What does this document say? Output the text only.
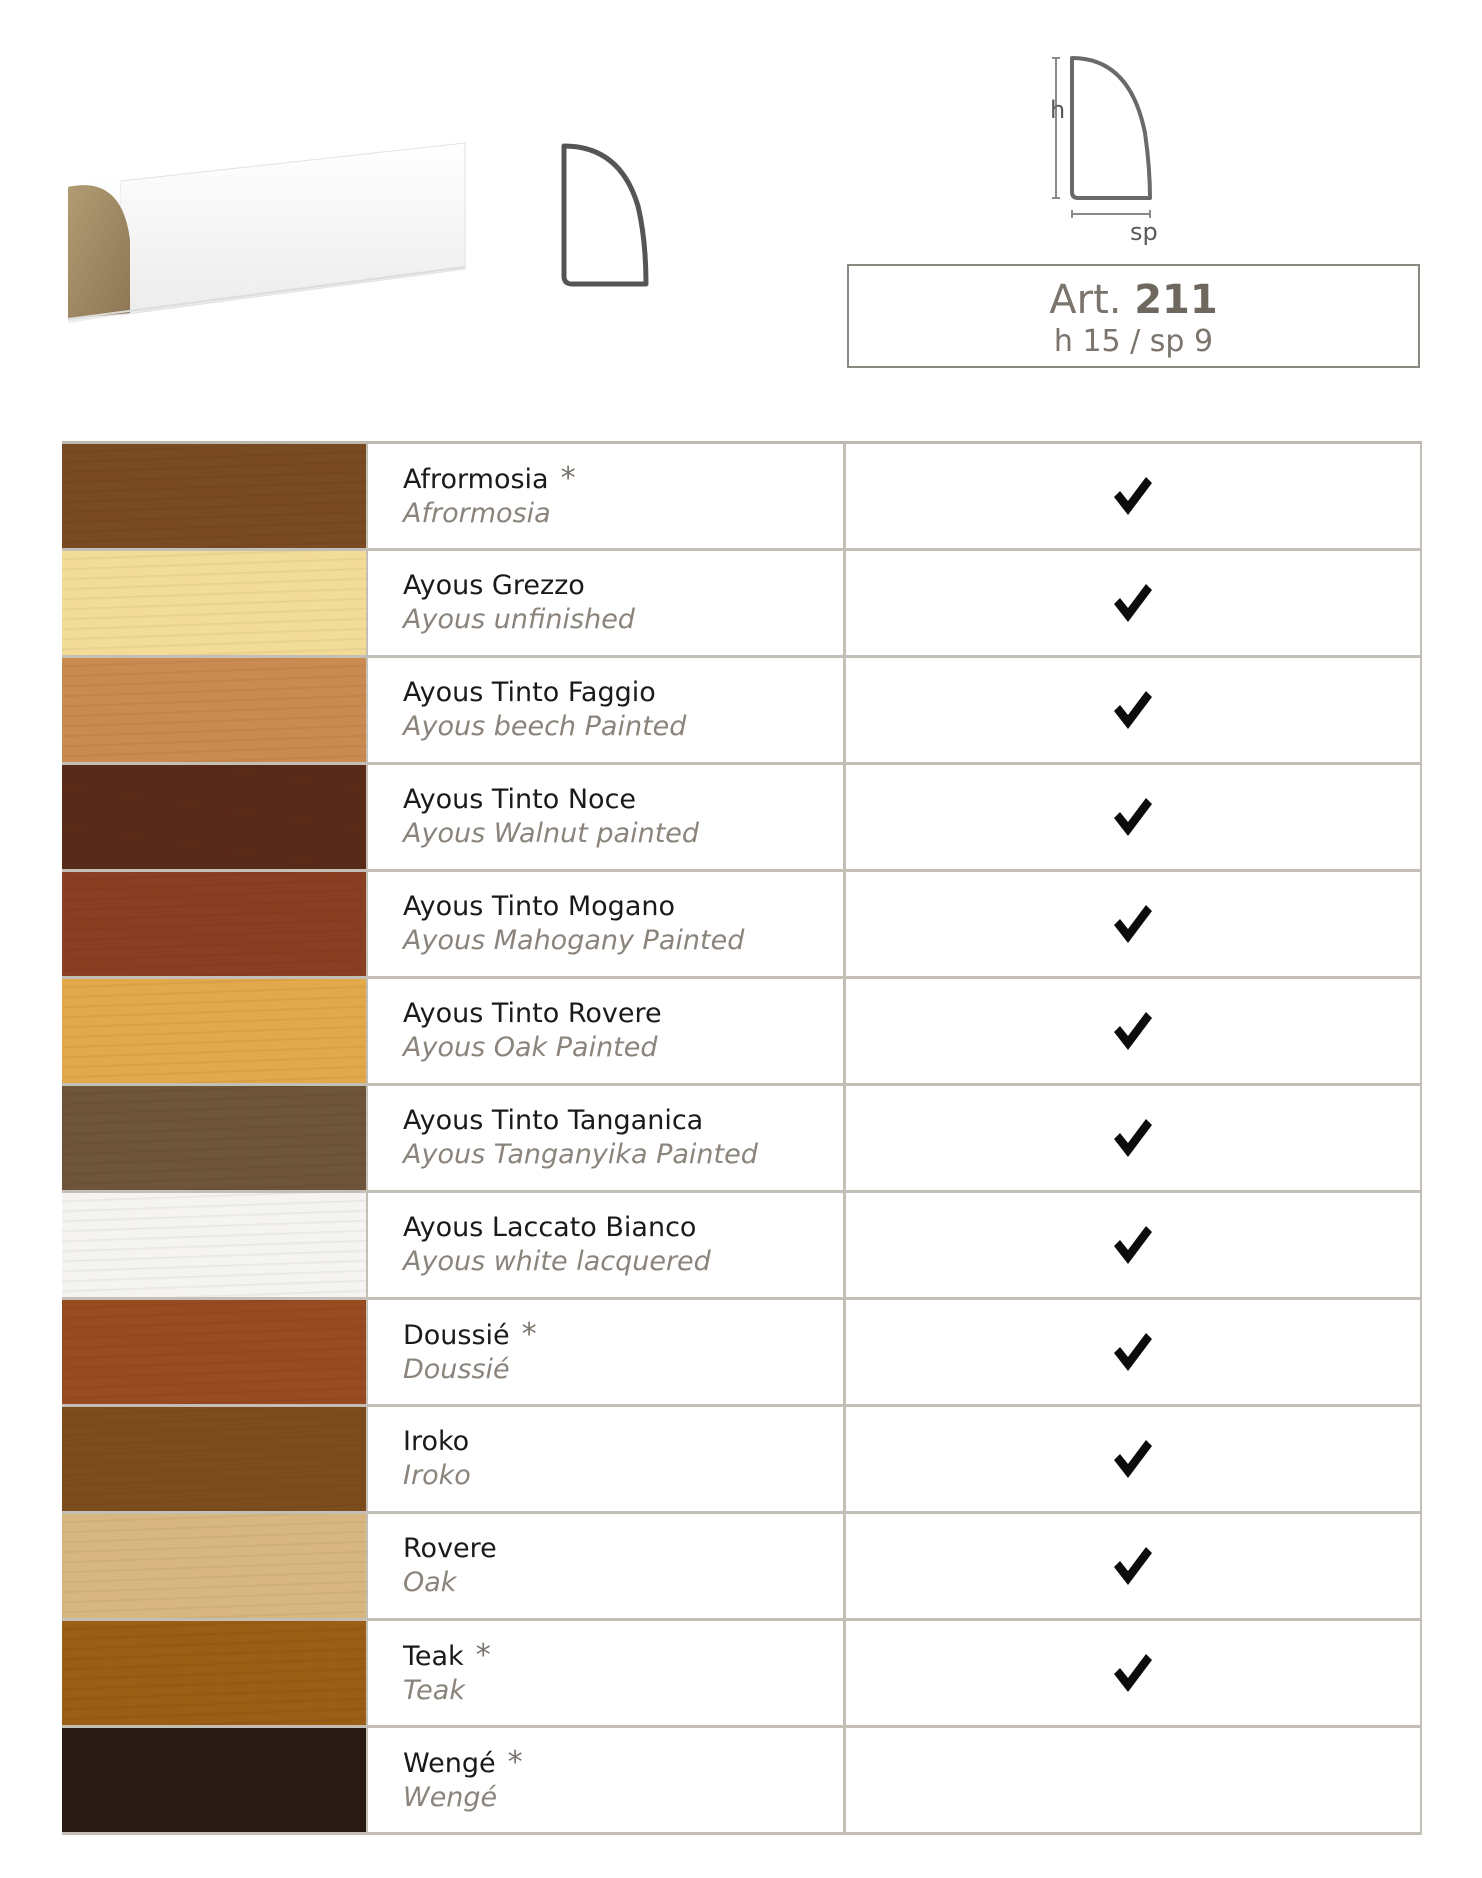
h
sp
Art. 211
h 15 / sp 9
Afrormosia *
Afrormosia
Ayous Grezzo
Ayous unfinished
Ayous Tinto Faggio
Ayous beech Painted
Ayous Tinto Noce
Ayous Walnut painted
Ayous Tinto Mogano
Ayous Mahogany Painted
Ayous Tinto Rovere
Ayous Oak Painted
Ayous Tinto Tanganica
Ayous Tanganyika Painted
Ayous Laccato Bianco
Ayous white lacquered
Doussié *
Doussié
Iroko
Iroko
Rovere
Oak
Teak *
Teak
Wengé *
Wengé
